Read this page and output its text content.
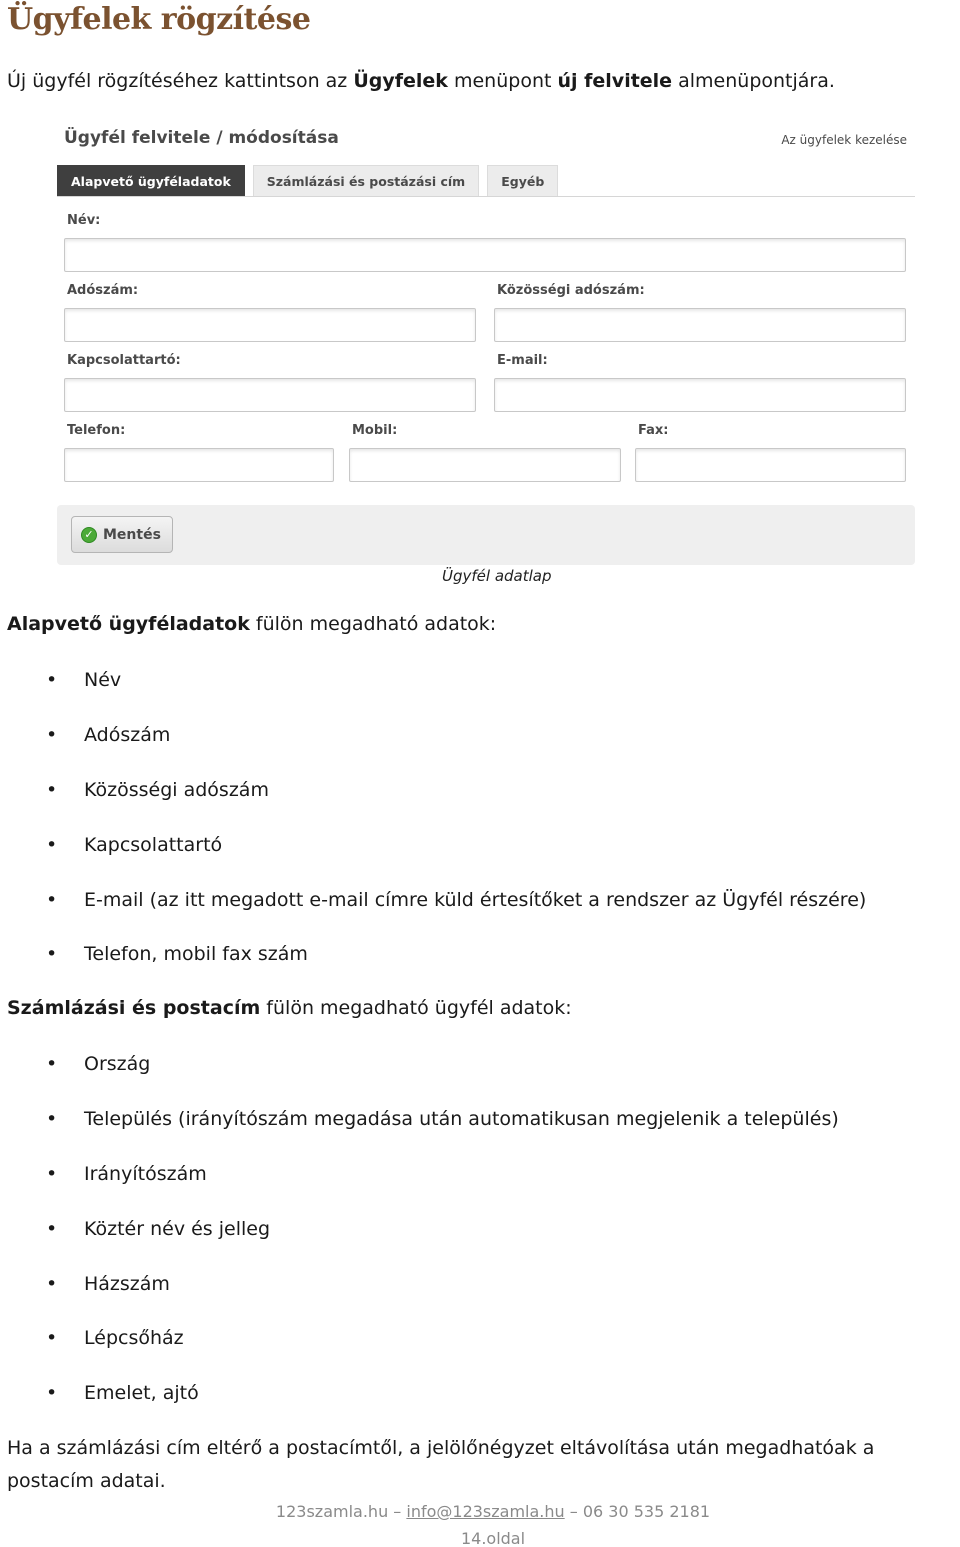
Ügyfelek rögzítése

Új ügyfél rögzítéséhez kattintson az Ügyfelek menüpont új felvitele almenüpontjára.

Ügyfél felvitele / módosítása	Az ügyfelek kezelése
Alapvető ügyféladatok	Számlázási és postázási cím	Egyéb
Név:
Adószám:	Közösségi adószám:
Kapcsolattartó:	E-mail:
Telefon:	Mobil:	Fax:
✓ Mentés
Ügyfél adatlap

Alapvető ügyféladatok fülön megadható adatok:

• Név
• Adószám
• Közösségi adószám
• Kapcsolattartó
• E-mail (az itt megadott e-mail címre küld értesítőket a rendszer az Ügyfél részére)
• Telefon, mobil fax szám

Számlázási és postacím fülön megadható ügyfél adatok:

• Ország
• Település (irányítószám megadása után automatikusan megjelenik a település)
• Irányítószám
• Köztér név és jelleg
• Házszám
• Lépcsőház
• Emelet, ajtó

Ha a számlázási cím eltérő a postacímtől, a jelölőnégyzet eltávolítása után megadhatóak a postacím adatai.

123szamla.hu – info@123szamla.hu – 06 30 535 2181
14.oldal
